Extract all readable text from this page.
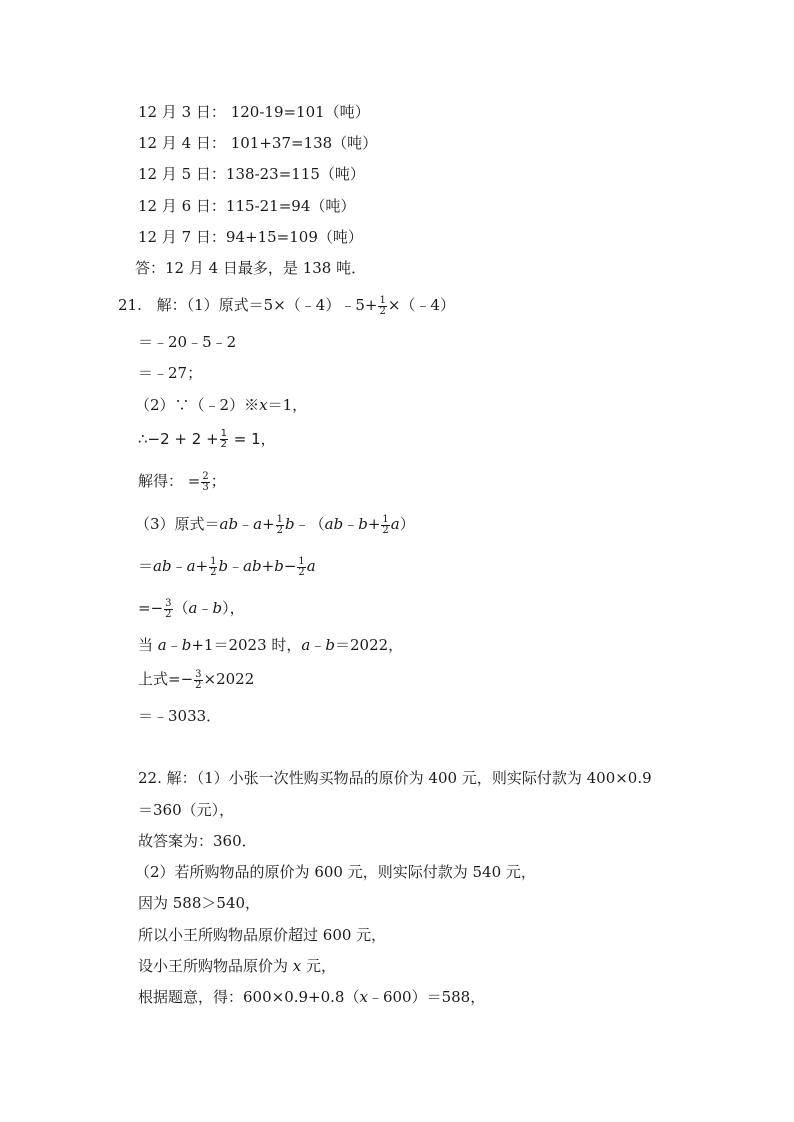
12 月 3 日： 120-19=101（吨）
12 月 4 日： 101+37=138（吨）
12 月 5 日：138-23=115（吨）
12 月 6 日：115-21=94（吨）
12 月 7 日：94+15=109（吨）
答：12 月 4 日最多，是 138 吨．
21. 解：（1）原式＝5×（﹣4）﹣5+ $\frac{1}{2}$ ×（﹣4）
＝﹣20﹣5﹣2
＝﹣27；
（2）∵（﹣2）※x＝1，
∴−2 + $2 + \frac{1}{2} = 1$，
解得： = $\frac{2}{3}$ ；
（3）原式＝ab﹣a+ $\frac{1}{2}$ b﹣（ab﹣b+ $\frac{1}{2} a$）
＝ab﹣a+ $\frac{1}{2}$ b﹣ab+b− $\frac{1}{2}$ a
=− $\frac{3}{2}$ （a﹣b），
当 a﹣b+1＝2023 时，a﹣b＝2022，
上式=− $\frac{3}{2} \times 2022$
＝﹣3033．
22. 解：（1）小张一次性购买物品的原价为 400 元，则实际付款为 400×0.9
＝360（元），
故答案为：360．
（2）若所购物品的原价为 600 元，则实际付款为 540 元，
因为 588＞540，
所以小王所购物品原价超过 600 元，
设小王所购物品原价为 x 元，
根据题意，得：600×0.9+0.8（x﹣600）＝588，
